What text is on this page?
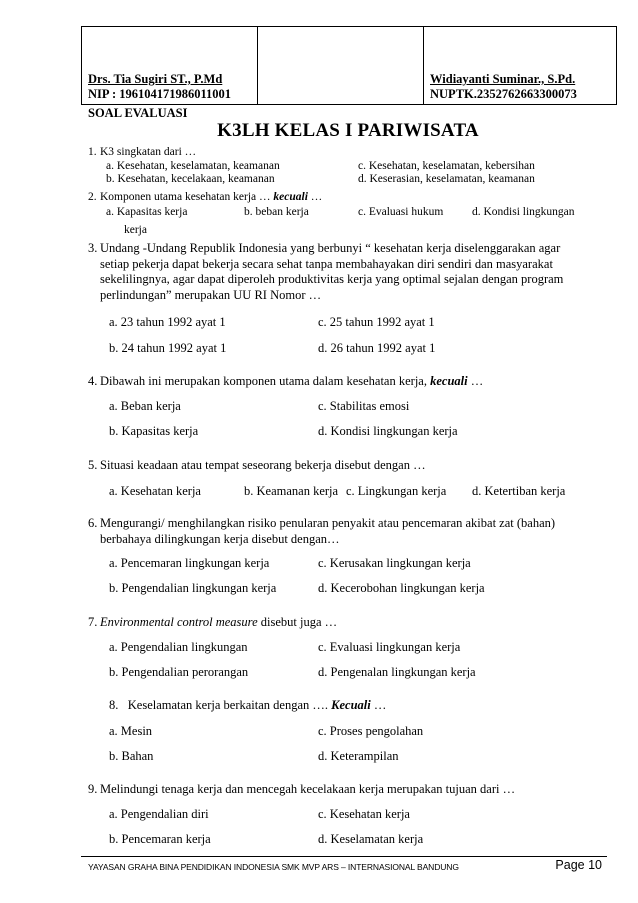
Drs. Tia Sugiri ST., P.Md
NIP : 196104171986011001

Widiayanti Suminar., S.Pd.
NUPTK.2352762663300073
SOAL EVALUASI
K3LH KELAS I PARIWISATA
1. K3 singkatan dari …
a. Kesehatan, keselamatan, keamanan	c. Kesehatan, keselamatan, kebersihan
b. Kesehatan, kecelakaan, keamanan	d. Keserasian, keselamatan, keamanan
2. Komponen utama kesehatan kerja … kecuali …
a. Kapasitas kerja	b. beban kerja	c. Evaluasi hukum d. Kondisi lingkungan
kerja
3. Undang -Undang Republik Indonesia yang berbunyi “ kesehatan kerja diselenggarakan agar
setiap pekerja dapat bekerja secara sehat tanpa membahayakan diri sendiri dan masyarakat
sekelilingnya, agar dapat diperoleh produktivitas kerja yang optimal sejalan dengan program
perlindungan” merupakan UU RI Nomor …
a. 23 tahun 1992 ayat 1	c. 25 tahun 1992 ayat 1
b. 24 tahun 1992 ayat 1	d. 26 tahun 1992 ayat 1
4. Dibawah ini merupakan komponen utama dalam kesehatan kerja, kecuali …
a. Beban kerja	c. Stabilitas emosi
b. Kapasitas kerja	d. Kondisi lingkungan kerja
5. Situasi keadaan atau tempat seseorang bekerja disebut dengan …
a. Kesehatan kerja	b. Keamanan kerja c. Lingkungan kerja d. Ketertiban kerja
6. Mengurangi/ menghilangkan risiko penularan penyakit atau pencemaran akibat zat (bahan)
berbahaya dilingkungan kerja disebut dengan…
a. Pencemaran lingkungan kerja	c. Kerusakan lingkungan kerja
b. Pengendalian lingkungan kerja	d. Kecerobohan lingkungan kerja
7. Environmental control measure disebut juga …
a. Pengendalian lingkungan	c. Evaluasi lingkungan kerja
b. Pengendalian perorangan	d. Pengenalan lingkungan kerja
8. Keselamatan kerja berkaitan dengan …. Kecuali …
a. Mesin	c. Proses pengolahan
b. Bahan	d. Keterampilan
9. Melindungi tenaga kerja dan mencegah kecelakaan kerja merupakan tujuan dari …
a. Pengendalian diri	c. Kesehatan kerja
b. Pencemaran kerja	d. Keselamatan kerja
YAYASAN GRAHA BINA PENDIDIKAN INDONESIA SMK MVP ARS – INTERNASIONAL BANDUNG	Page 10
